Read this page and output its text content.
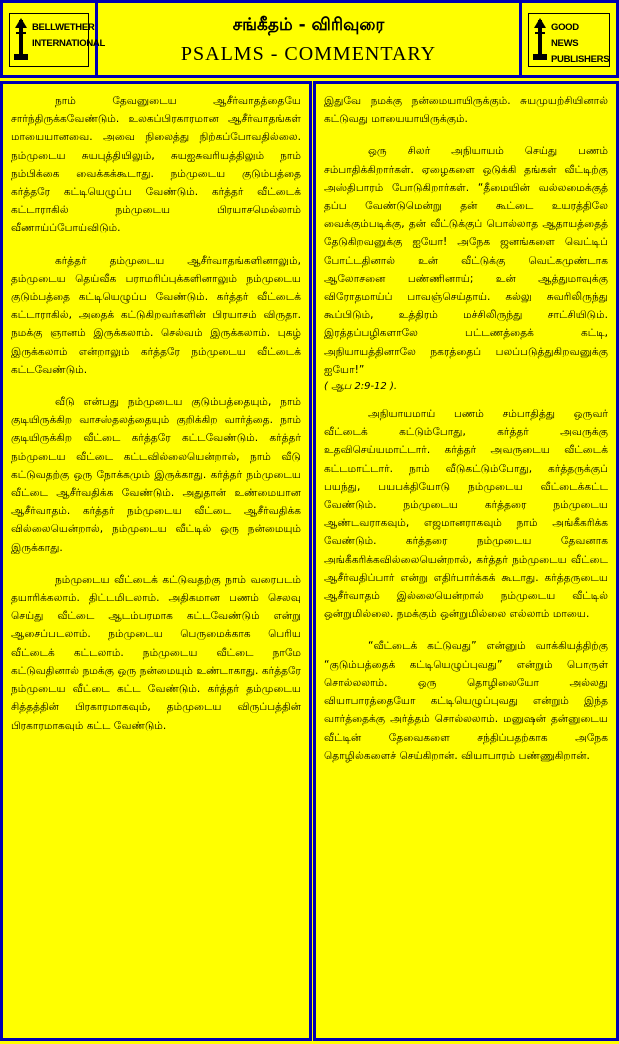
BELLWETHER
INTERNATIONAL
சங்கீதம் - விரிவுரை
PSALMS - COMMENTARY
GOOD NEWS
PUBLISHERS

நாம் தேவனுடைய ஆசீர்வாதத்தையே சார்ந்திருக்கவேண்டும். உலகப்பிரகாரமான ஆசீர்வாதங்கள் மாயையானவை. அவை நிலைத்து நிற்கப்போவதில்லை. நம்முடைய சுயபுத்தியிலும், சுயஐசுவரியத்திலும் நாம் நம்பிக்கை வைக்கக்கூடாது. நம்முடைய குடும்பத்தை கர்த்தரே கட்டியெழுப்ப வேண்டும். கர்த்தர் வீட்டைக் கட்டாராகில் நம்முடைய பிரயாசமெல்லாம் வீணாய்ப்போய்விடும்.

கர்த்தர் தம்முடைய ஆசீர்வாதங்களினாலும், தம்முடைய தெய்வீக பராமரிப்புக்களினாலும் நம்முடைய குடும்பத்தை கட்டியெழுப்ப வேண்டும். கர்த்தர் வீட்டைக் கட்டாராகில், அதைக் கட்டுகிறவர்களின் பிரயாசம் விருதா. நமக்கு ஞானம் இருக்கலாம். செல்வம் இருக்கலாம். புகழ் இருக்கலாம் என்றாலும் கர்த்தரே நம்முடைய வீட்டைக் கட்டவேண்டும்.

வீடு என்பது நம்முடைய குடும்பத்தையும், நாம் குடியிருக்கிற வாசஸ்தலத்தையும் குறிக்கிற வார்த்தை. நாம் குடியிருக்கிற வீட்டை கர்த்தரே கட்டவேண்டும். கர்த்தர் நம்முடைய வீட்டை கட்டவில்லையென்றால், நாம் வீடு கட்டுவதற்கு ஒரு நோக்கமும் இருக்காது. கர்த்தர் நம்முடைய வீட்டை ஆசீர்வதிக்க வேண்டும். அதுதான் உண்மையான ஆசீர்வாதம். கர்த்தர் நம்முடைய வீட்டை ஆசீர்வதிக்க வில்லையென்றால், நம்முடைய வீட்டில் ஒரு நன்மையும் இருக்காது.

நம்முடைய வீட்டைக் கட்டுவதற்கு நாம் வரைபடம் தயாரிக்கலாம். திட்டமிடலாம். அதிகமான பணம் செலவு செய்து வீட்டை ஆடம்பரமாக கட்டவேண்டும் என்று ஆசைப்படலாம். நம்முடைய பெருமைக்காக பெரிய வீட்டைக் கட்டலாம். நம்முடைய வீட்டை நாமே கட்டுவதினால் நமக்கு ஒரு நன்மையும் உண்டாகாது. கர்த்தரே நம்முடைய வீட்டை கட்ட வேண்டும். கர்த்தர் தம்முடைய சித்தத்தின் பிரகாரமாகவும், தம்முடைய விருப்பத்தின் பிரகாரமாகவும் கட்ட வேண்டும்.

இதுவே நமக்கு நன்மையாயிருக்கும். சுயமுயற்சியினால் கட்டுவது மாயையாயிருக்கும்.

ஒரு சிலர் அநியாயம் செய்து பணம் சம்பாதிக்கிறார்கள். ஏழைகளை ஒடுக்கி தங்கள் வீட்டிற்கு அஸ்திபாரம் போடுகிறார்கள். “தீமையின் வல்லமைக்குத் தப்ப வேண்டுமென்று தன் கூட்டை உயரத்திலே வைக்கும்படிக்கு, தன் வீட்டுக்குப் பொல்லாத ஆதாயத்தைத் தேடுகிறவனுக்கு ஐயோ! அநேக ஜனங்களை வெட்டிப் போட்டதினால் உன் வீட்டுக்கு வெட்கமுண்டாக ஆலோசனை பண்ணினாய்; உன் ஆத்துமாவுக்கு விரோதமாய்ப் பாவஞ்செய்தாய். கல்லு சுவரிலிருந்து கூப்பிடும், உத்திரம் மச்சிலிருந்து சாட்சியிடும். இரத்தப்பழிகளாலே பட்டணத்தைக் கட்டி, அநியாயத்தினாலே நகரத்தைப் பலப்படுத்துகிறவனுக்கு ஐயோ!”

( ஆப 2:9-12 ).

அநியாயமாய் பணம் சம்பாதித்து ஒருவர் வீட்டைக் கட்டும்போது, கர்த்தர் அவருக்கு உதவிசெய்யமாட்டார். கர்த்தர் அவருடைய வீட்டைக் கட்டமாட்டார். நாம் வீடுகட்டும்போது, கர்த்தருக்குப் பயந்து, பயபக்தியோடு நம்முடைய வீட்டைக்கட்ட வேண்டும். நம்முடைய கர்த்தரை நம்முடைய ஆண்டவராகவும், எஜமானராகவும் நாம் அங்கீகரிக்க வேண்டும். கர்த்தரை நம்முடைய தேவனாக அங்கீகரிக்கவில்லையென்றால், கர்த்தர் நம்முடைய வீட்டை ஆசீர்வதிப்பார் என்று எதிர்பார்க்கக் கூடாது. கர்த்தருடைய ஆசீர்வாதம் இல்லையென்றால் நம்முடைய வீட்டில் ஒன்றுமில்லை. நமக்கும் ஒன்றுமில்லை எல்லாம் மாயை.

“வீட்டைக் கட்டுவது” என்னும் வாக்கியத்திற்கு “குடும்பத்தைக் கட்டியெழுப்புவது” என்றும் பொருள் சொல்லலாம். ஒரு தொழிலையோ அல்லது வியாபாரத்தையோ கட்டியெழுப்புவது என்றும் இந்த வார்த்தைக்கு அர்த்தம் சொல்லலாம். மனுஷன் தன்னுடைய வீட்டின் தேவைகளை சந்திப்பதற்காக அநேக தொழில்களைச் செய்கிறான். வியாபாரம் பண்ணுகிறான்.
